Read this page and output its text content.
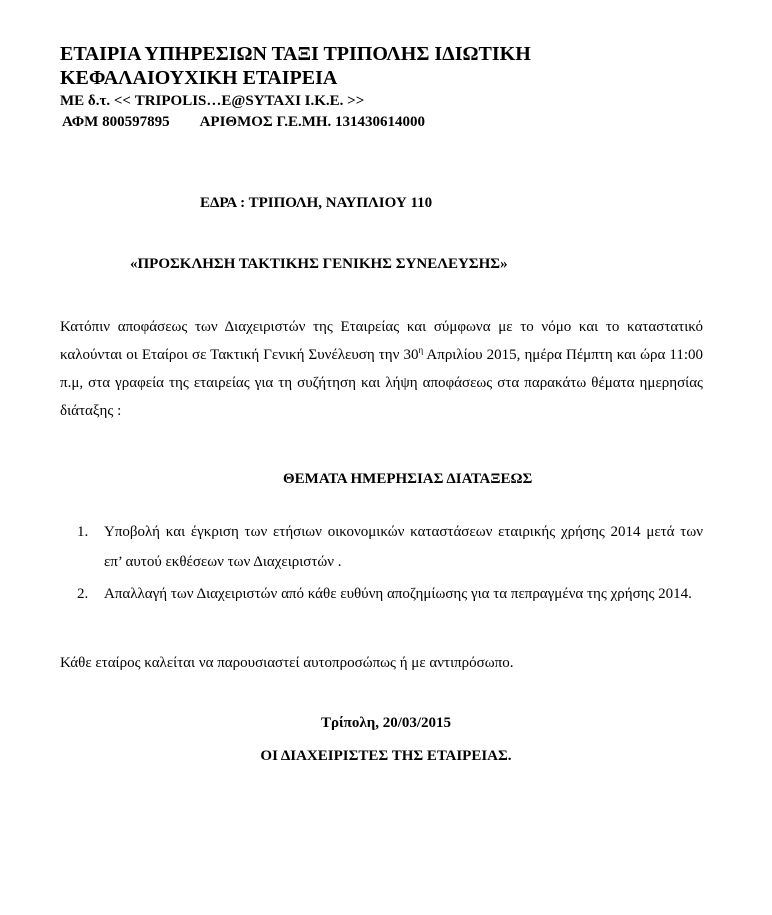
ΕΤΑΙΡΙΑ ΥΠΗΡΕΣΙΩΝ ΤΑΞΙ ΤΡΙΠΟΛΗΣ ΙΔΙΩΤΙΚΗ
ΚΕΦΑΛΑΙΟΥΧΙΚΗ ΕΤΑΙΡΕΙΑ
ΜΕ δ.τ. << TRIPOLIS…E@SYTAXI I.K.E. >>
ΑΦΜ 800597895 ΑΡΙΘΜΟΣ Γ.Ε.ΜΗ. 131430614000
ΕΔΡΑ : ΤΡΙΠΟΛΗ, ΝΑΥΠΛΙΟΥ 110
«ΠΡΟΣΚΛΗΣΗ ΤΑΚΤΙΚΗΣ ΓΕΝΙΚΗΣ ΣΥΝΕΛΕΥΣΗΣ»

Κατόπιν αποφάσεως των Διαχειριστών της Εταιρείας και σύμφωνα με το νόμο και το καταστατικό καλούνται οι Εταίροι σε Τακτική Γενική Συνέλευση την $30^\eta$ Απριλίου 2015, ημέρα Πέμπτη και ώρα 11:00 π.μ, στα γραφεία της εταιρείας για τη συζήτηση και λήψη αποφάσεως στα παρακάτω θέματα ημερησίας διάταξης :

ΘΕΜΑΤΑ ΗΜΕΡΗΣΙΑΣ ΔΙΑΤΑΞΕΩΣ
1. Υποβολή και έγκριση των ετήσιων οικονομικών καταστάσεων εταιρικής χρήσης 2014 μετά των επ’ αυτού εκθέσεων των Διαχειριστών .
2. Απαλλαγή των Διαχειριστών από κάθε ευθύνη αποζημίωσης για τα πεπραγμένα της χρήσης 2014.
Κάθε εταίρος καλείται να παρουσιαστεί αυτοπροσώπως ή με αντιπρόσωπο.
Τρίπολη, 20/03/2015
ΟΙ ΔΙΑΧΕΙΡΙΣΤΕΣ ΤΗΣ ΕΤΑΙΡΕΙΑΣ.
